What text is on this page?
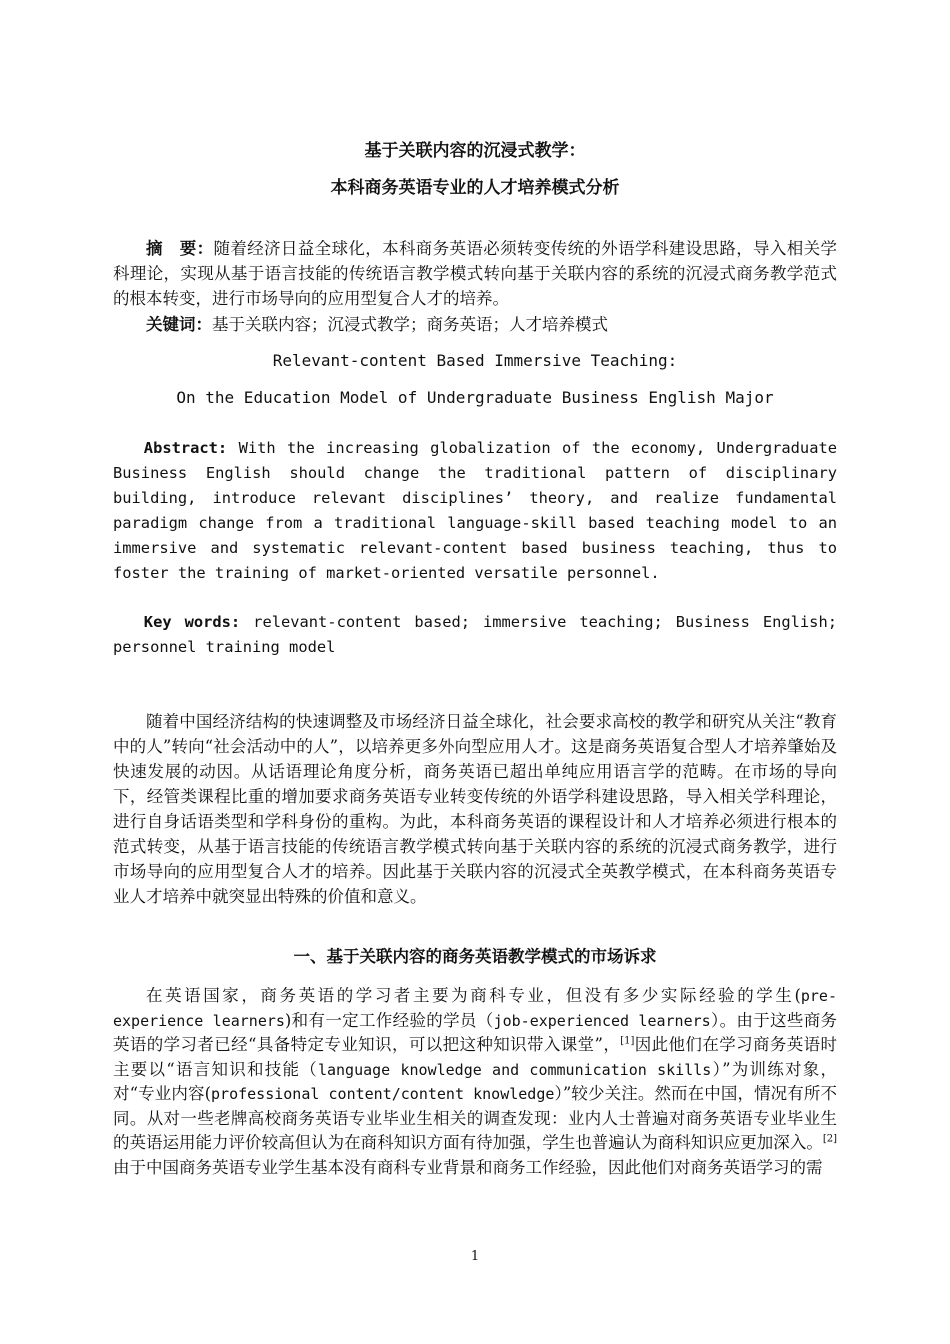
基于关联内容的沉浸式教学：
本科商务英语专业的人才培养模式分析
摘　要：随着经济日益全球化，本科商务英语必须转变传统的外语学科建设思路，导入相关学科理论，实现从基于语言技能的传统语言教学模式转向基于关联内容的系统的沉浸式商务教学范式的根本转变，进行市场导向的应用型复合人才的培养。
关键词：基于关联内容；沉浸式教学；商务英语；人才培养模式
Relevant-content Based Immersive Teaching:
On the Education Model of Undergraduate Business English Major
Abstract: With the increasing globalization of the economy, Undergraduate Business English should change the traditional pattern of disciplinary building, introduce relevant disciplines’ theory, and realize fundamental paradigm change from a traditional language-skill based teaching model to an immersive and systematic relevant-content based business teaching, thus to foster the training of market-oriented versatile personnel.
Key words: relevant-content based; immersive teaching; Business English; personnel training model
随着中国经济结构的快速调整及市场经济日益全球化，社会要求高校的教学和研究从关注“教育中的人”转向“社会活动中的人”，以培养更多外向型应用人才。这是商务英语复合型人才培养肇始及快速发展的动因。从话语理论角度分析，商务英语已超出单纯应用语言学的范畴。在市场的导向下，经管类课程比重的增加要求商务英语专业转变传统的外语学科建设思路，导入相关学科理论，进行自身话语类型和学科身份的重构。为此，本科商务英语的课程设计和人才培养必须进行根本的范式转变，从基于语言技能的传统语言教学模式转向基于关联内容的系统的沉浸式商务教学，进行市场导向的应用型复合人才的培养。因此基于关联内容的沉浸式全英教学模式，在本科商务英语专业人才培养中就突显出特殊的价值和意义。
一、基于关联内容的商务英语教学模式的市场诉求
在英语国家，商务英语的学习者主要为商科专业，但没有多少实际经验的学生(pre-experience learners)和有一定工作经验的学员（job-experienced learners）。由于这些商务英语的学习者已经“具备特定专业知识，可以把这种知识带入课堂”，[1]因此他们在学习商务英语时主要以“语言知识和技能（language knowledge and communication skills）”为训练对象，对“专业内容(professional content/content knowledge）”较少关注。然而在中国，情况有所不同。从对一些老牌高校商务英语专业毕业生相关的调查发现：业内人士普遍对商务英语专业毕业生的英语运用能力评价较高但认为在商科知识方面有待加强，学生也普遍认为商科知识应更加深入。[2]由于中国商务英语专业学生基本没有商科专业背景和商务工作经验，因此他们对商务英语学习的需
1
